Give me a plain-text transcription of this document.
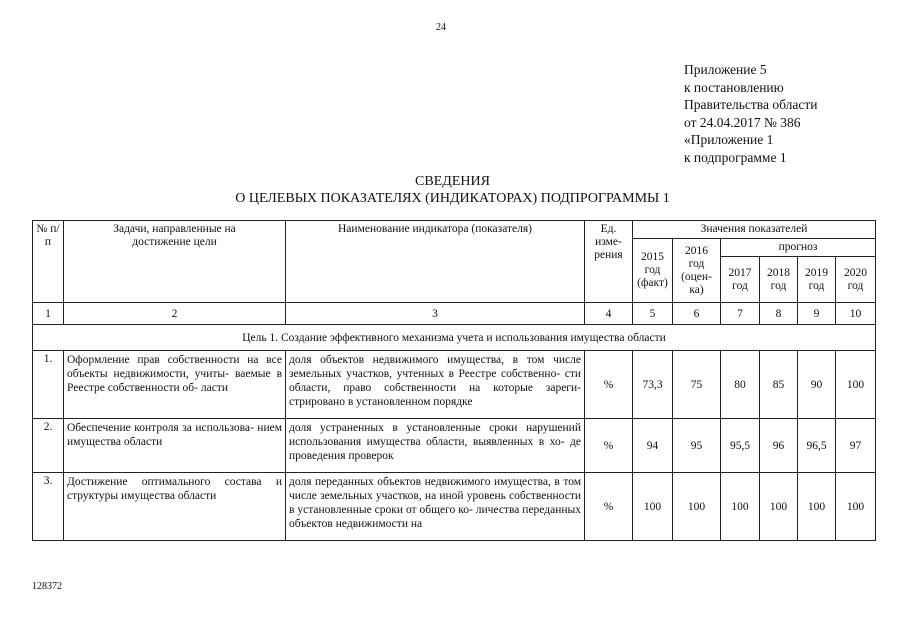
24
Приложение 5
к постановлению
Правительства области
от 24.04.2017 № 386
«Приложение 1
к подпрограмме 1
СВЕДЕНИЯ
О ЦЕЛЕВЫХ ПОКАЗАТЕЛЯХ (ИНДИКАТОРАХ) ПОДПРОГРАММЫ 1
№ п/п	Задачи, направленные на достижение цели	Наименование индикатора (показателя)	Ед. изме- рения	Значения показателей					
				2015 год (факт)	2016 год (оцен- ка)	прогноз			
						2017 год	2018 год	2019 год	2020 год
1	2	3	4	5	6	7	8	9	10
Цель 1. Создание эффективного механизма учета и использования имущества области									
1.	Оформление прав собственности на все объекты недвижимости, учиты- ваемые в Реестре собственности об- ласти	доля объектов недвижимого имущества, в том числе земельных участков, учтенных в Реестре собственно- сти области, право собственности на которые зареги- стрировано в установленном порядке	%	73,3	75	80	85	90	100
2.	Обеспечение контроля за использова- нием имущества области	доля устраненных в установленные сроки нарушений использования имущества области, выявленных в хо- де проведения проверок	%	94	95	95,5	96	96,5	97
3.	Достижение оптимального состава и структуры имущества области	доля переданных объектов недвижимого имущества, в том числе земельных участков, на иной уровень собственности в установленные сроки от общего ко- личества переданных объектов недвижимости на	%	100	100	100	100	100	100
128372
